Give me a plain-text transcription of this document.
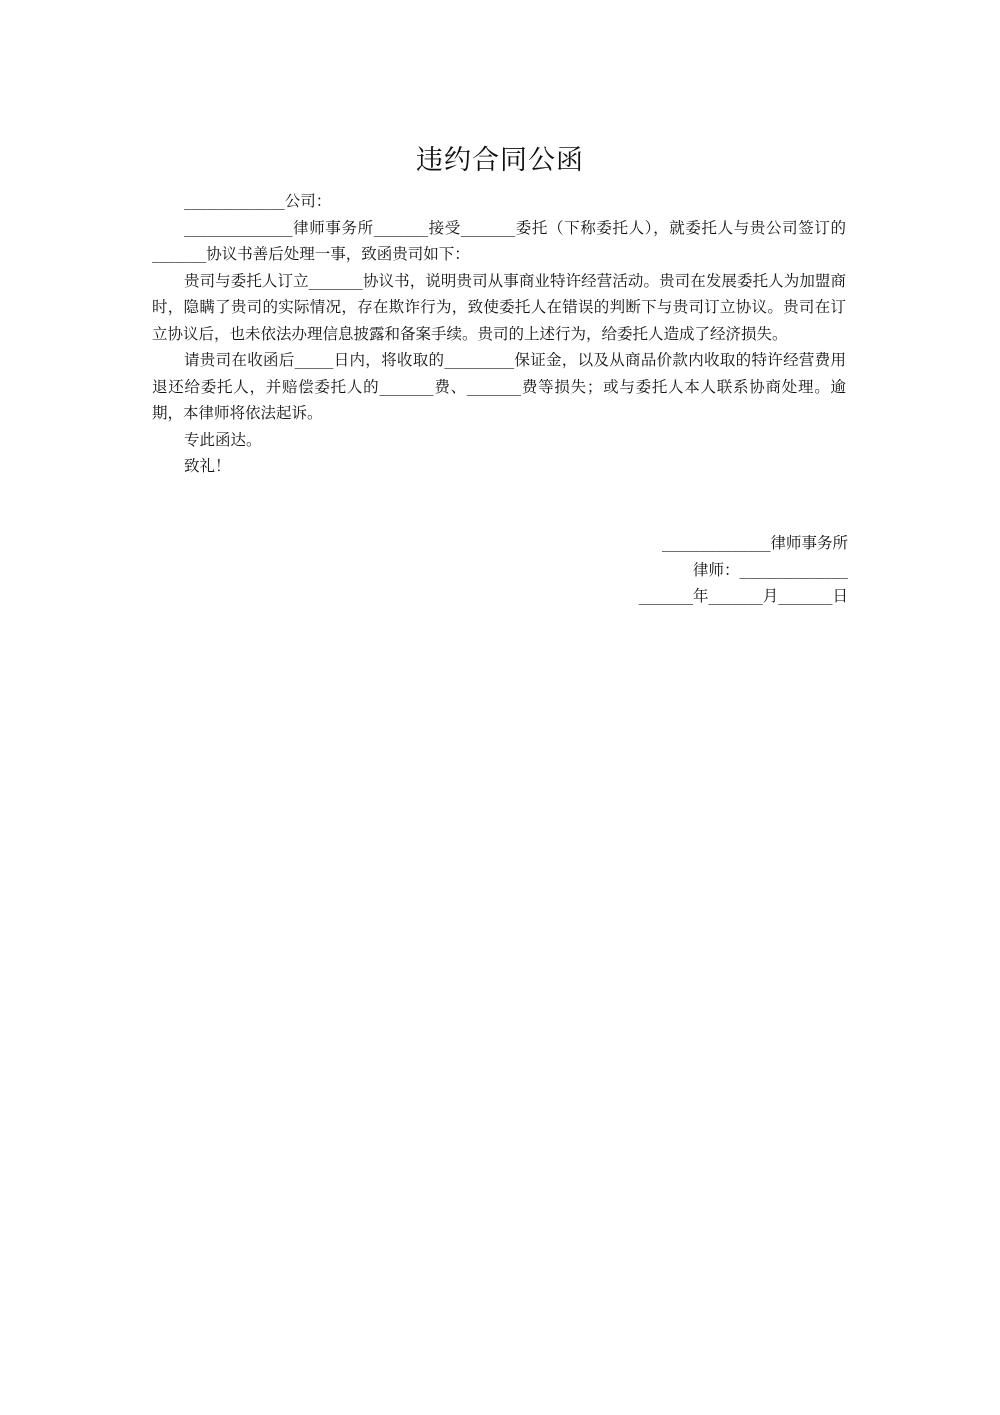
违约合同公函

_____________公司：

______________律师事务所_______接受_______委托（下称委托人），就委托人与贵公司签订的_______协议书善后处理一事，致函贵司如下：

贵司与委托人订立_______协议书，说明贵司从事商业特许经营活动。贵司在发展委托人为加盟商时，隐瞒了贵司的实际情况，存在欺诈行为，致使委托人在错误的判断下与贵司订立协议。贵司在订立协议后，也未依法办理信息披露和备案手续。贵司的上述行为，给委托人造成了经济损失。

请贵司在收函后_____日内，将收取的_________保证金，以及从商品价款内收取的特许经营费用退还给委托人，并赔偿委托人的_______费、_______费等损失；或与委托人本人联系协商处理。逾期，本律师将依法起诉。

专此函达。

致礼！

______________律师事务所
律师：______________
_______年_______月_______日
